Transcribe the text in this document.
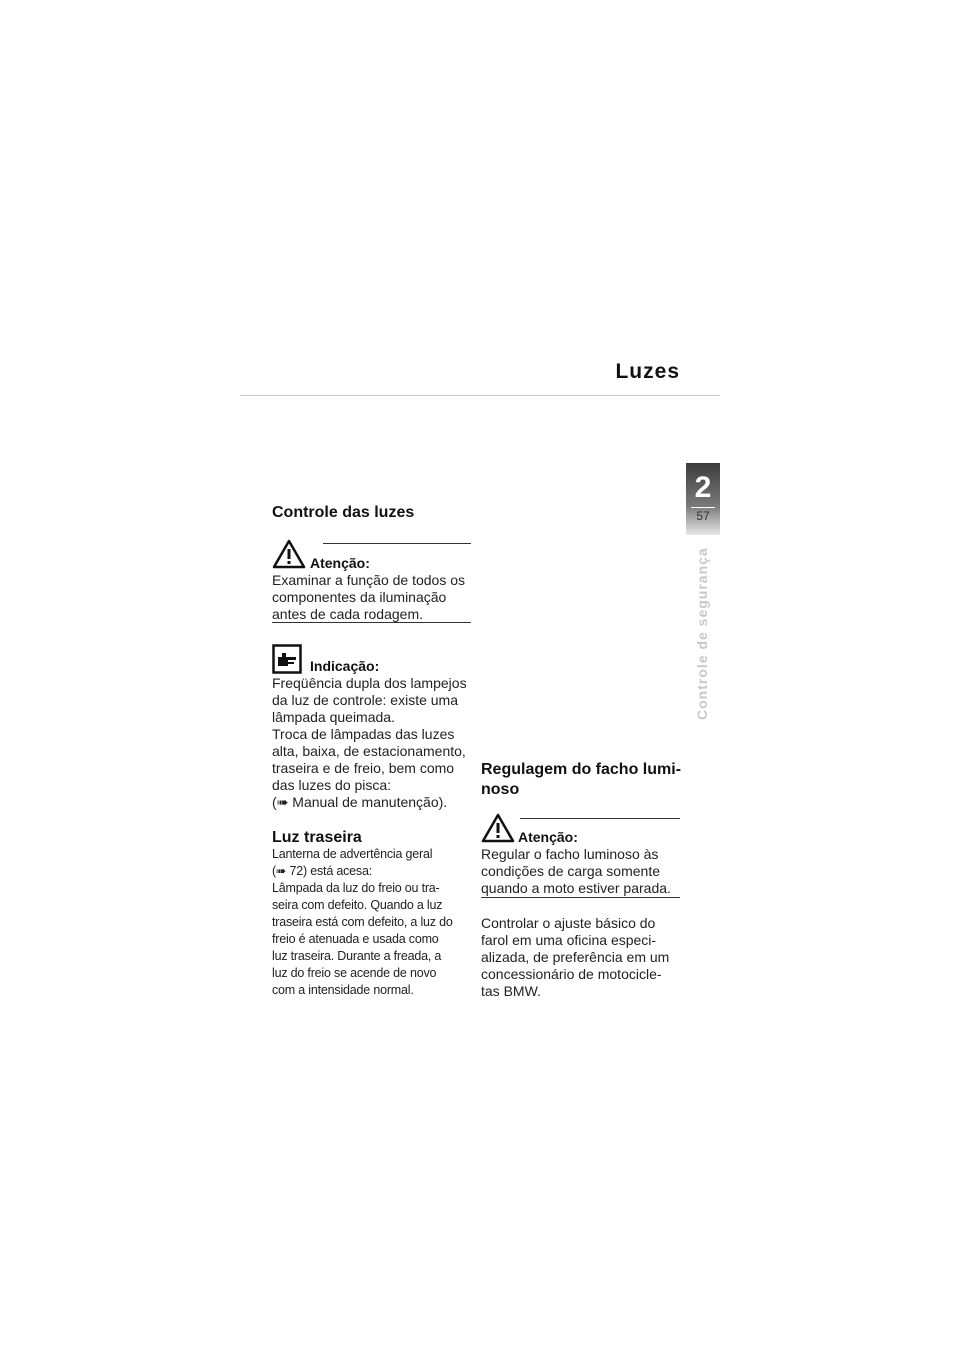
Luzes
2
57
Controle de segurança
Controle das luzes
Atenção:
Examinar a função de todos os
componentes da iluminação
antes de cada rodagem.
Indicação:
Freqüência dupla dos lampejos
da luz de controle: existe uma
lâmpada queimada.
Troca de lâmpadas das luzes
alta, baixa, de estacionamento,
traseira e de freio, bem como
das luzes do pisca:
(➠ Manual de manutenção).
Luz traseira
Lanterna de advertência geral
(➠ 72) está acesa:
Lâmpada da luz do freio ou tra-
seira com defeito. Quando a luz
traseira está com defeito, a luz do
freio é atenuada e usada como
luz traseira. Durante a freada, a
luz do freio se acende de novo
com a intensidade normal.
Regulagem do facho lumi-
noso
Atenção:
Regular o facho luminoso às
condições de carga somente
quando a moto estiver parada.
Controlar o ajuste básico do
farol em uma oficina especi-
alizada, de preferência em um
concessionário de motocicle-
tas BMW.
